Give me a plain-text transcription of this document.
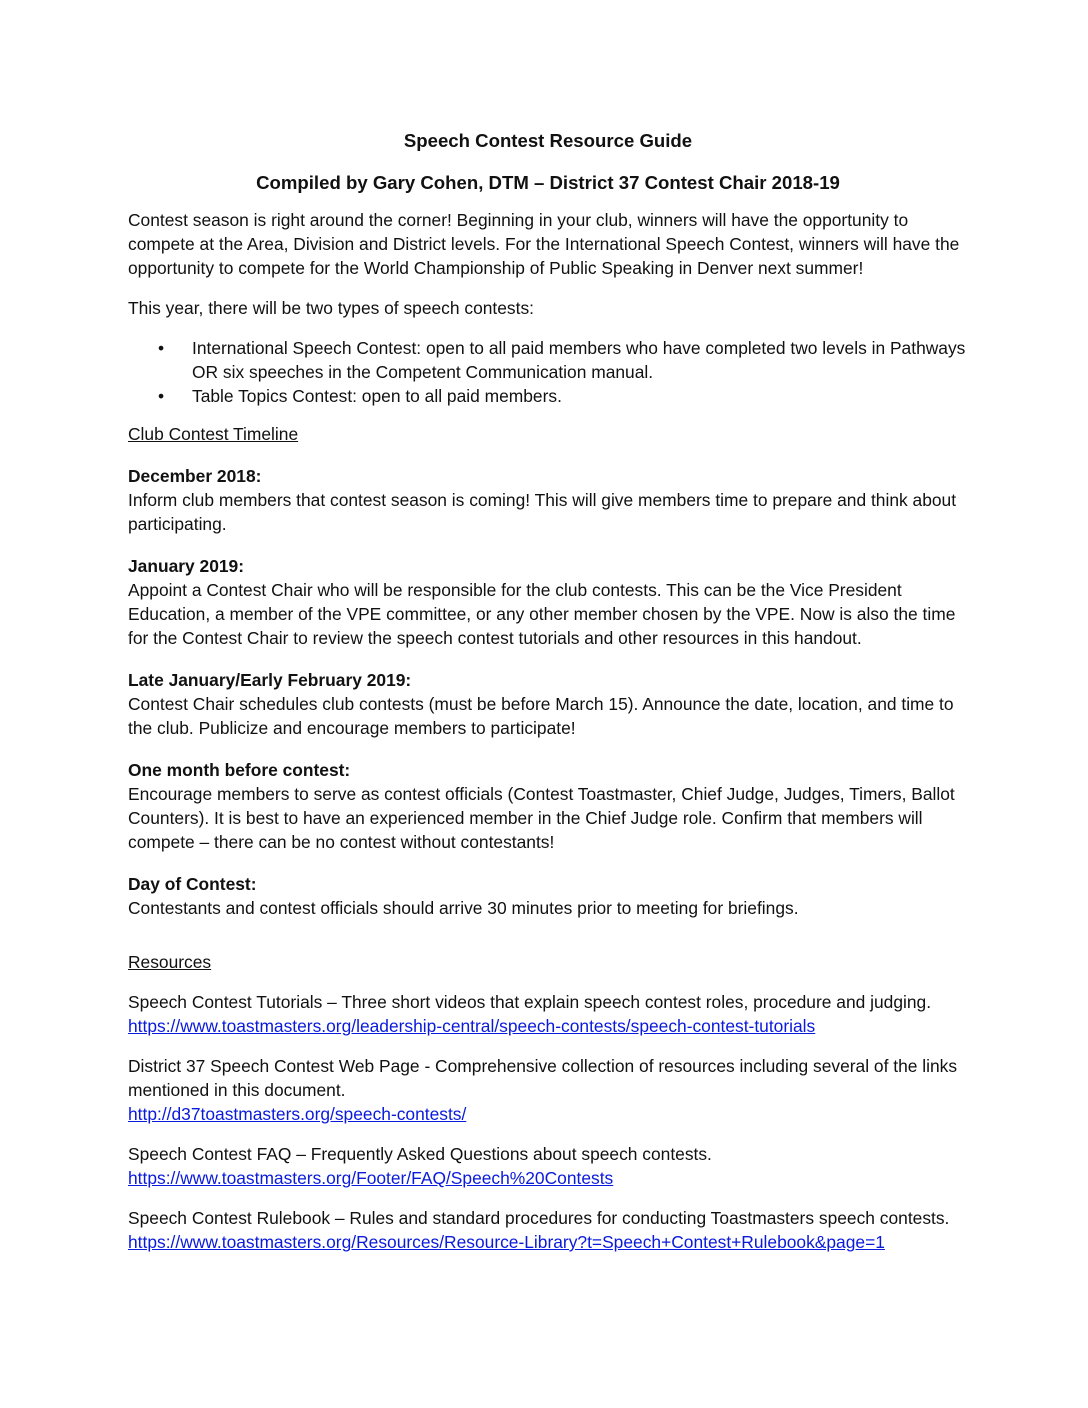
Speech Contest Resource Guide
Compiled by Gary Cohen, DTM – District 37 Contest Chair 2018-19

Contest season is right around the corner! Beginning in your club, winners will have the opportunity to compete at the Area, Division and District levels. For the International Speech Contest, winners will have the opportunity to compete for the World Championship of Public Speaking in Denver next summer!

This year, there will be two types of speech contests:

• International Speech Contest: open to all paid members who have completed two levels in Pathways OR six speeches in the Competent Communication manual.
• Table Topics Contest: open to all paid members.

Club Contest Timeline

December 2018:
Inform club members that contest season is coming! This will give members time to prepare and think about participating.
January 2019:
Appoint a Contest Chair who will be responsible for the club contests. This can be the Vice President Education, a member of the VPE committee, or any other member chosen by the VPE. Now is also the time for the Contest Chair to review the speech contest tutorials and other resources in this handout.
Late January/Early February 2019:
Contest Chair schedules club contests (must be before March 15). Announce the date, location, and time to the club. Publicize and encourage members to participate!
One month before contest:
Encourage members to serve as contest officials (Contest Toastmaster, Chief Judge, Judges, Timers, Ballot Counters). It is best to have an experienced member in the Chief Judge role. Confirm that members will compete – there can be no contest without contestants!
Day of Contest:
Contestants and contest officials should arrive 30 minutes prior to meeting for briefings.

Resources

Speech Contest Tutorials – Three short videos that explain speech contest roles, procedure and judging.
https://www.toastmasters.org/leadership-central/speech-contests/speech-contest-tutorials
District 37 Speech Contest Web Page - Comprehensive collection of resources including several of the links mentioned in this document.
http://d37toastmasters.org/speech-contests/
Speech Contest FAQ – Frequently Asked Questions about speech contests.
https://www.toastmasters.org/Footer/FAQ/Speech%20Contests
Speech Contest Rulebook – Rules and standard procedures for conducting Toastmasters speech contests.
https://www.toastmasters.org/Resources/Resource-Library?t=Speech+Contest+Rulebook&page=1
